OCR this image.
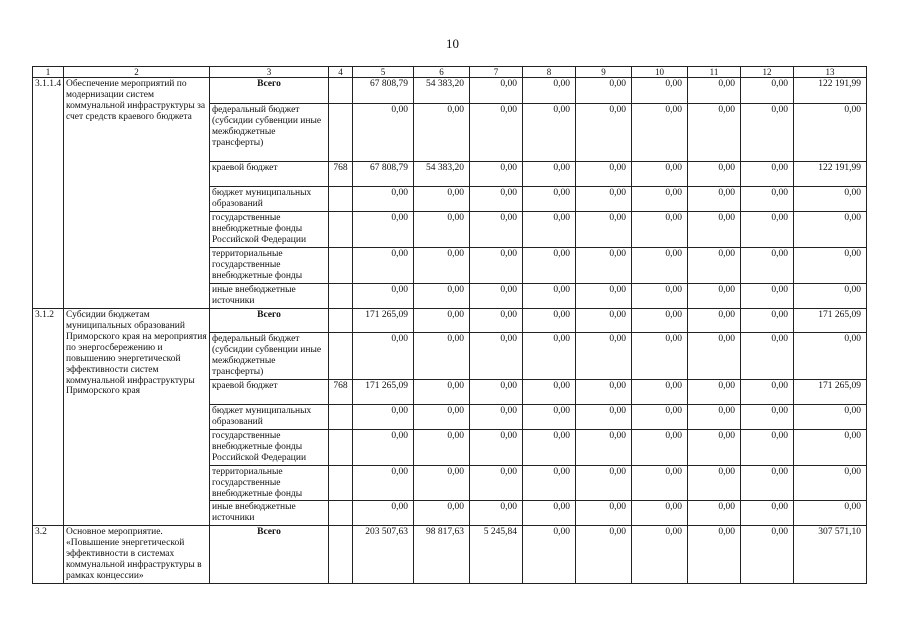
10
1	2	3	4	5	6	7	8	9	10	11	12	13
3.1.1.4	Обеспечение мероприятий по модернизации систем коммунальной инфраструктуры за счет средств краевого бюджета	Всего		67 808,79	54 383,20	0,00	0,00	0,00	0,00	0,00	0,00	122 191,99
		федеральный бюджет (субсидии субвенции иные межбюджетные трансферты)		0,00	0,00	0,00	0,00	0,00	0,00	0,00	0,00	0,00
		краевой бюджет	768	67 808,79	54 383,20	0,00	0,00	0,00	0,00	0,00	0,00	122 191,99
		бюджет муниципальных образований		0,00	0,00	0,00	0,00	0,00	0,00	0,00	0,00	0,00
		государственные внебюджетные фонды Российской Федерации		0,00	0,00	0,00	0,00	0,00	0,00	0,00	0,00	0,00
		территориальные государственные внебюджетные фонды		0,00	0,00	0,00	0,00	0,00	0,00	0,00	0,00	0,00
		иные внебюджетные источники		0,00	0,00	0,00	0,00	0,00	0,00	0,00	0,00	0,00
3.1.2	Субсидии бюджетам муниципальных образований Приморского края на мероприятия по энергосбережению и повышению энергетической эффективности систем коммунальной инфраструктуры Приморского края	Всего		171 265,09	0,00	0,00	0,00	0,00	0,00	0,00	0,00	171 265,09
		федеральный бюджет (субсидии субвенции иные межбюджетные трансферты)		0,00	0,00	0,00	0,00	0,00	0,00	0,00	0,00	0,00
		краевой бюджет	768	171 265,09	0,00	0,00	0,00	0,00	0,00	0,00	0,00	171 265,09
		бюджет муниципальных образований		0,00	0,00	0,00	0,00	0,00	0,00	0,00	0,00	0,00
		государственные внебюджетные фонды Российской Федерации		0,00	0,00	0,00	0,00	0,00	0,00	0,00	0,00	0,00
		территориальные государственные внебюджетные фонды		0,00	0,00	0,00	0,00	0,00	0,00	0,00	0,00	0,00
		иные внебюджетные источники		0,00	0,00	0,00	0,00	0,00	0,00	0,00	0,00	0,00
3.2	Основное мероприятие. «Повышение энергетической эффективности в системах коммунальной инфраструктуры в рамках концессии»	Всего		203 507,63	98 817,63	5 245,84	0,00	0,00	0,00	0,00	0,00	307 571,10
